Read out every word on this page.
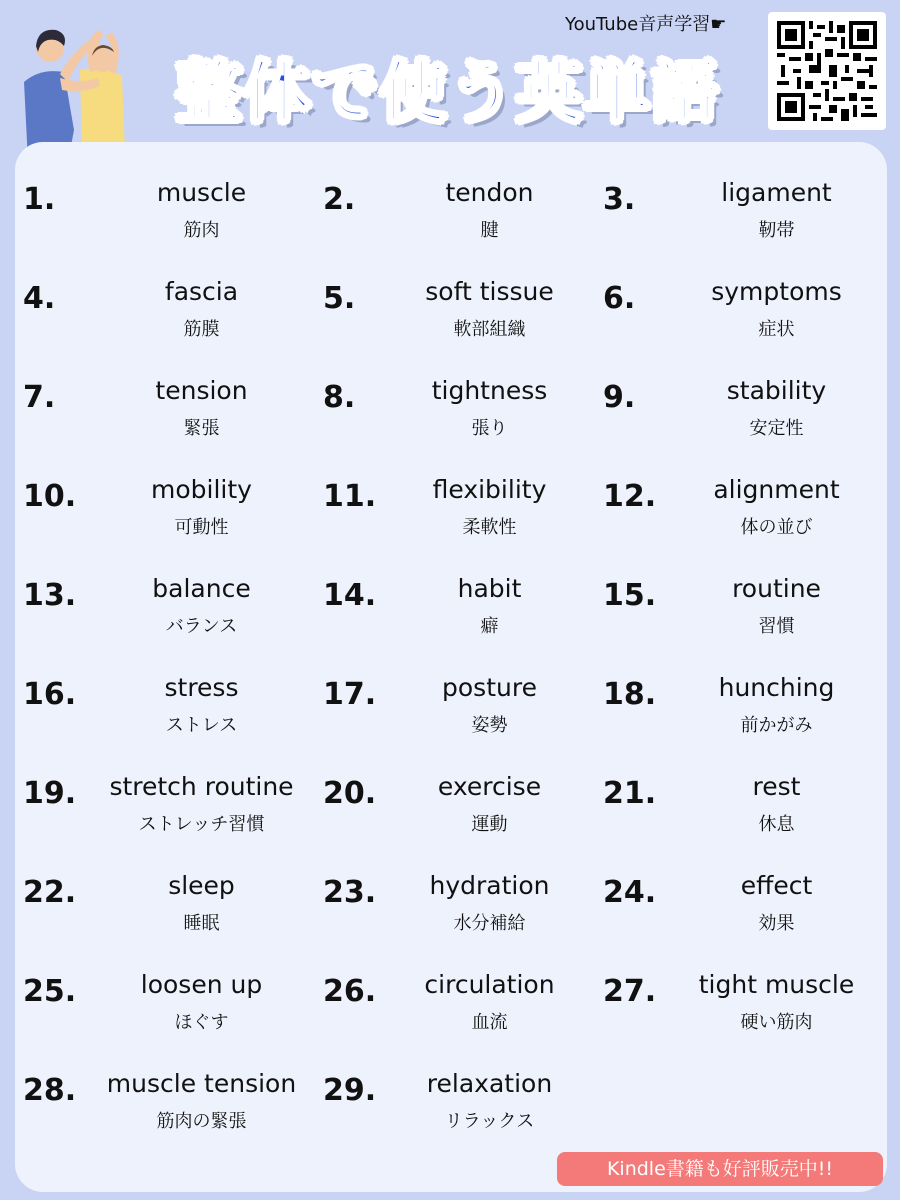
整体で使う英単語
YouTube音声学習☛
1.	muscle
筋肉
2.	tendon
腱
3.	ligament
靭帯
4.	fascia
筋膜
5.	soft tissue
軟部組織
6.	symptoms
症状
7.	tension
緊張
8.	tightness
張り
9.	stability
安定性
10.	mobility
可動性
11.	flexibility
柔軟性
12.	alignment
体の並び
13.	balance
バランス
14.	habit
癖
15.	routine
習慣
16.	stress
ストレス
17.	posture
姿勢
18.	hunching
前かがみ
19.	stretch routine
ストレッチ習慣
20.	exercise
運動
21.	rest
休息
22.	sleep
睡眠
23.	hydration
水分補給
24.	effect
効果
25.	loosen up
ほぐす
26.	circulation
血流
27.	tight muscle
硬い筋肉
28.	muscle tension
筋肉の緊張
29.	relaxation
リラックス
Kindle書籍も好評販売中!!
